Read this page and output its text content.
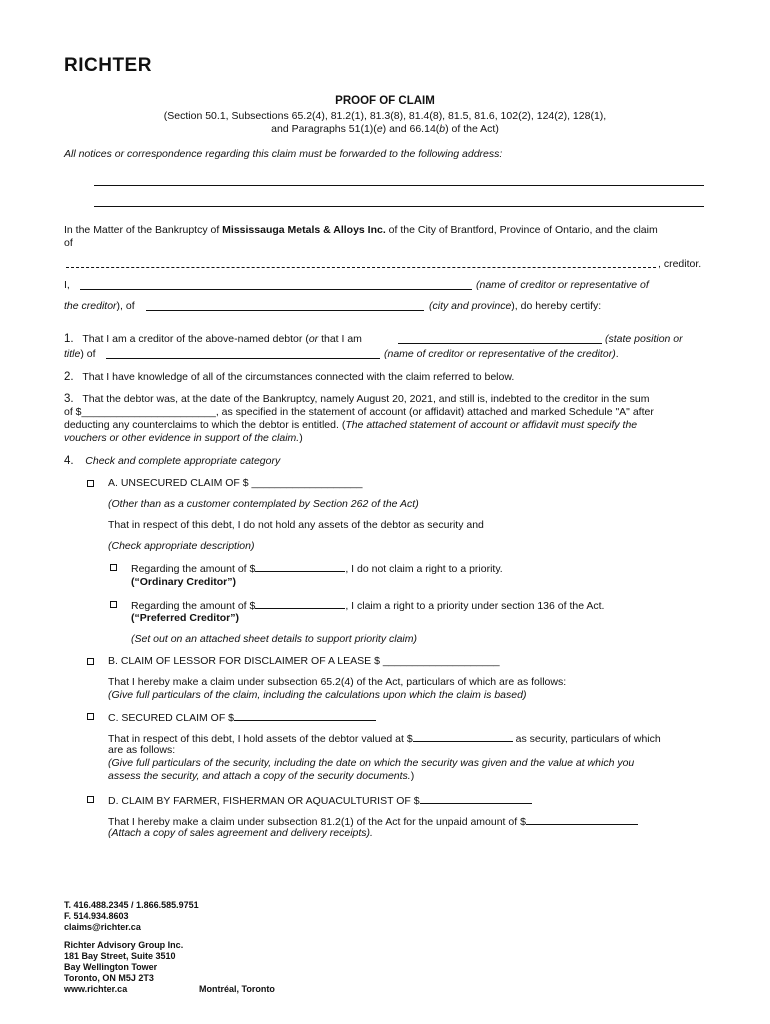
RICHTER
PROOF OF CLAIM
(Section 50.1, Subsections 65.2(4), 81.2(1), 81.3(8), 81.4(8), 81.5, 81.6, 102(2), 124(2), 128(1),
and Paragraphs 51(1)(e) and 66.14(b) of the Act)
All notices or correspondence regarding this claim must be forwarded to the following address:
In the Matter of the Bankruptcy of Mississauga Metals & Alloys Inc. of the City of Brantford, Province of Ontario, and the claim
of
, creditor.
I,	(name of creditor or representative of
the creditor), of	(city and province), do hereby certify:
1. That I am a creditor of the above-named debtor (or that I am	(state position or
title) of	(name of creditor or representative of the creditor).
2. That I have knowledge of all of the circumstances connected with the claim referred to below.

3. That the debtor was, at the date of the Bankruptcy, namely August 20, 2021, and still is, indebted to the creditor in the sum

of $_______________________, as specified in the statement of account (or affidavit) attached and marked Schedule "A" after

deducting any counterclaims to which the debtor is entitled. (The attached statement of account or affidavit must specify the

vouchers or other evidence in support of the claim.)

4. Check and complete appropriate category
A. UNSECURED CLAIM OF $ ___________________
(Other than as a customer contemplated by Section 262 of the Act)
That in respect of this debt, I do not hold any assets of the debtor as security and
(Check appropriate description)
Regarding the amount of $	, I do not claim a right to a priority.
(“Ordinary Creditor”)
Regarding the amount of $	, I claim a right to a priority under section 136 of the Act.
(“Preferred Creditor”)
(Set out on an attached sheet details to support priority claim)
B. CLAIM OF LESSOR FOR DISCLAIMER OF A LEASE $ ____________________
That I hereby make a claim under subsection 65.2(4) of the Act, particulars of which are as follows:
(Give full particulars of the claim, including the calculations upon which the claim is based)
C. SECURED CLAIM OF $
That in respect of this debt, I hold assets of the debtor valued at $	as security, particulars of which
are as follows:
(Give full particulars of the security, including the date on which the security was given and the value at which you
assess the security, and attach a copy of the security documents.)
D. CLAIM BY FARMER, FISHERMAN OR AQUACULTURIST OF $
That I hereby make a claim under subsection 81.2(1) of the Act for the unpaid amount of $
(Attach a copy of sales agreement and delivery receipts).

T. 416.488.2345 / 1.866.585.9751

F. 514.934.8603

claims@richter.ca

Richter Advisory Group Inc.

181 Bay Street, Suite 3510

Bay Wellington Tower

Toronto, ON M5J 2T3

www.richter.ca	Montréal, Toronto
